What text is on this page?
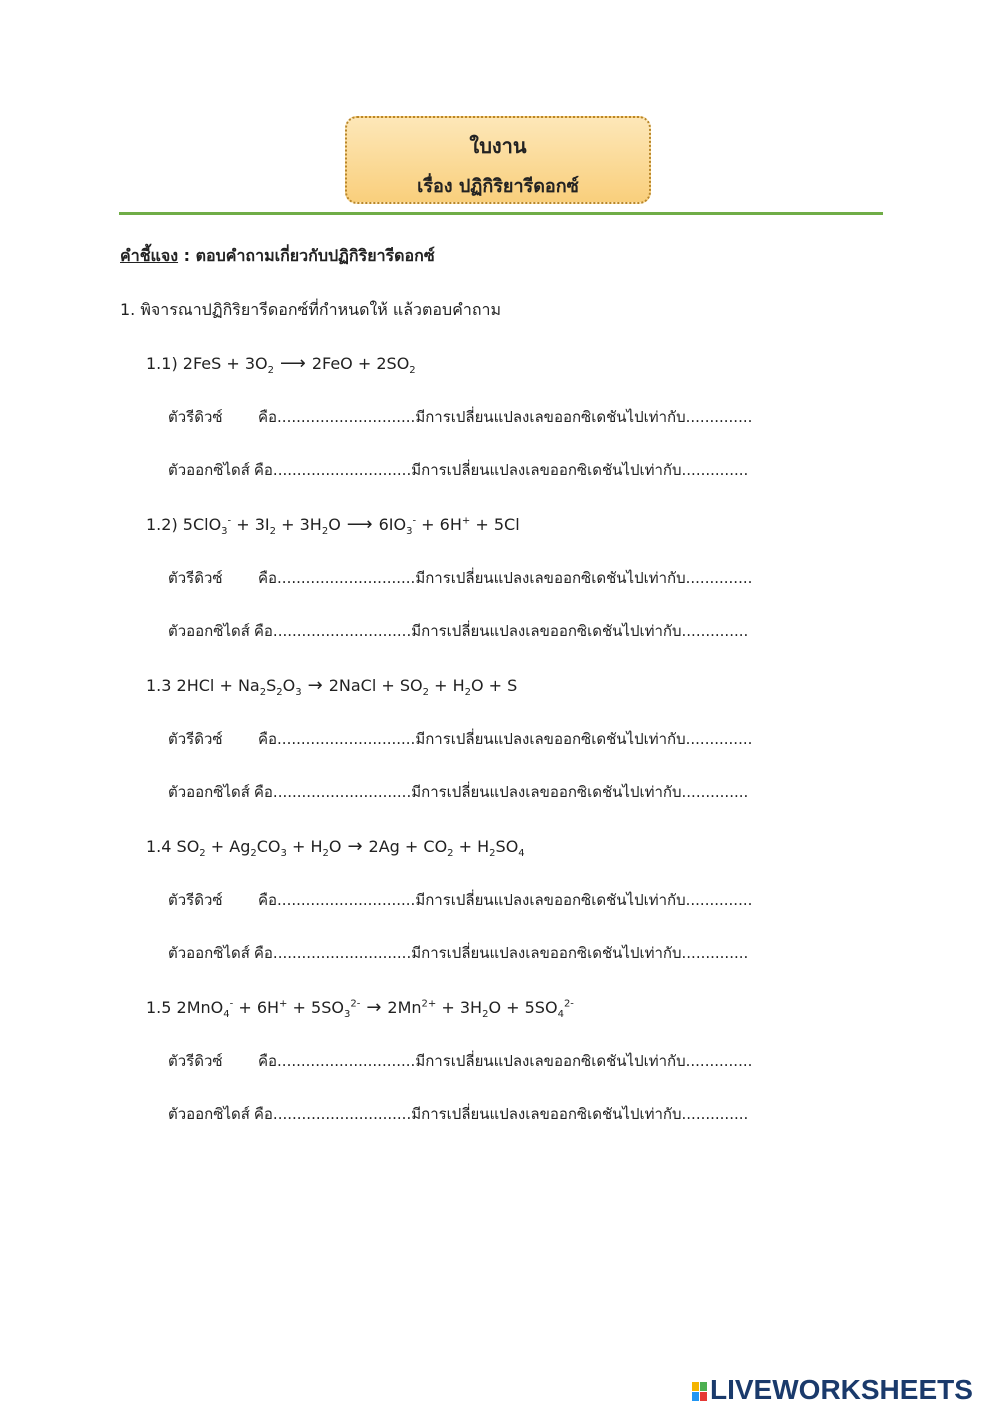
ใบงาน
เรื่อง ปฏิกิริยารีดอกซ์
คำชี้แจง : ตอบคำถามเกี่ยวกับปฏิกิริยารีดอกซ์
1. พิจารณาปฏิกิริยารีดอกซ์ที่กำหนดให้ แล้วตอบคำถาม
1.1) $2FeS + 3O_2$ ⟶ $2FeO + 2SO_2$
ตัวรีดิวซ์ คือ.............................มีการเปลี่ยนแปลงเลขออกซิเดชันไปเท่ากับ..............
ตัวออกซิไดส์ คือ.............................มีการเปลี่ยนแปลงเลขออกซิเดชันไปเท่ากับ..............
1.2) $5ClO_3^- + 3I_2 + 3H_2O$ ⟶ $6IO_3^- + 6H^+ + 5Cl$
ตัวรีดิวซ์ คือ.............................มีการเปลี่ยนแปลงเลขออกซิเดชันไปเท่ากับ..............
ตัวออกซิไดส์ คือ.............................มีการเปลี่ยนแปลงเลขออกซิเดชันไปเท่ากับ..............
1.3 $2HCl + Na_2S_2O_3$ → 2NaCl + $SO_2 + H_2O + S$
ตัวรีดิวซ์ คือ.............................มีการเปลี่ยนแปลงเลขออกซิเดชันไปเท่ากับ..............
ตัวออกซิไดส์ คือ.............................มีการเปลี่ยนแปลงเลขออกซิเดชันไปเท่ากับ..............
1.4 $SO_2 + Ag_2CO_3 + H_2O \to 2Ag + CO_2 + H_2SO_4$
ตัวรีดิวซ์ คือ.............................มีการเปลี่ยนแปลงเลขออกซิเดชันไปเท่ากับ..............
ตัวออกซิไดส์ คือ.............................มีการเปลี่ยนแปลงเลขออกซิเดชันไปเท่ากับ..............
1.5 $2MnO_4^- + 6H^+ + 5SO_3^{2-} \to 2Mn^{2+} + 3H_2O + 5SO_4^{2-}$
ตัวรีดิวซ์ คือ.............................มีการเปลี่ยนแปลงเลขออกซิเดชันไปเท่ากับ..............
ตัวออกซิไดส์ คือ.............................มีการเปลี่ยนแปลงเลขออกซิเดชันไปเท่ากับ..............
LIVEWORKSHEETS
